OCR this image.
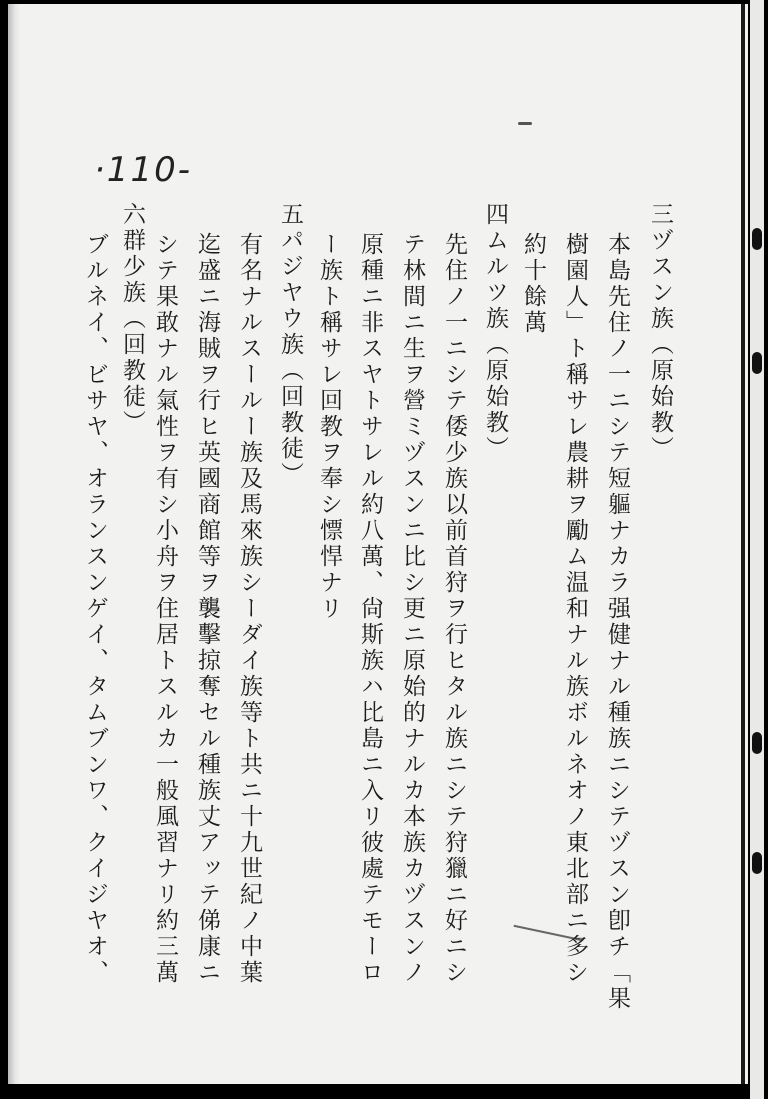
·110-
三ヅスン族（原始教）
本島先住ノ一ニシテ短軀ナカラ强健ナル種族ニシテヅスン卽チ「果
樹園人」ト稱サレ農耕ヲ勵ム温和ナル族ボルネオノ東北部ニ多シ
約十餘萬
四ムルツ族（原始教）
先住ノ一ニシテ倭少族以前首狩ヲ行ヒタル族ニシテ狩獵ニ好ニシ
テ林間ニ生ヲ營ミヅスンニ比シ更ニ原始的ナルカ本族カヅスンノ
原種ニ非スヤトサレル約八萬、尙斯族ハ比島ニ入リ彼處テモーロ
ー族ト稱サレ回教ヲ奉シ慓悍ナリ
五パジヤウ族（回教徒）
有名ナルスールー族及馬來族シーダイ族等ト共ニ十九世紀ノ中葉
迄盛ニ海賊ヲ行ヒ英國商館等ヲ襲擊掠奪セル種族丈アッテ俤康ニ
シテ果敢ナル氣性ヲ有シ小舟ヲ住居トスルカ一般風習ナリ約三萬
六群少族（回教徒）
ブルネイ、ビサヤ、オランスンゲイ、タムブンワ、クイジヤオ、
